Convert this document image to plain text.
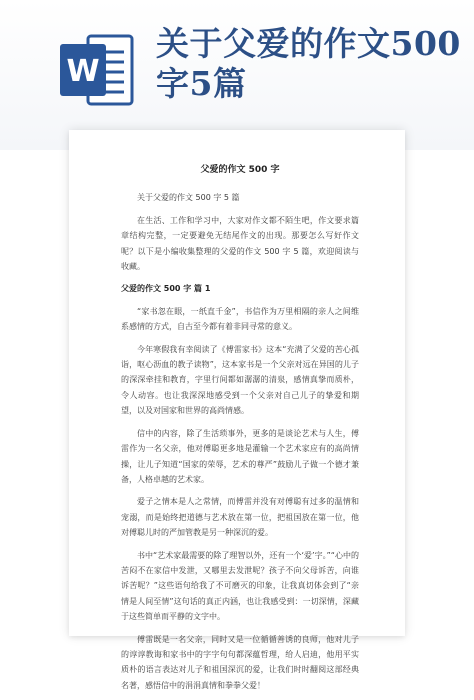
W
关于父爱的作文500字5篇
父爱的作文 500 字

关于父爱的作文 500 字 5 篇

在生活、工作和学习中，大家对作文都不陌生吧，作文要求篇章结构完整，一定要避免无结尾作文的出现。那要怎么写好作文呢？以下是小编收集整理的父爱的作文 500 字 5 篇，欢迎阅读与收藏。

父爱的作文 500 字 篇 1

“家书忽在眼，一纸直千金”，书信作为万里相隔的亲人之间维系感情的方式，自古至今都有着非同寻常的意义。

今年寒假我有幸阅读了《傅雷家书》这本“充满了父爱的苦心孤诣，呕心沥血的教子读物”，这本家书是一个父亲对远在异国的儿子的深深牵挂和教育，字里行间都如潺潺的清泉，感情真挚而质朴，令人动容。也让我深深地感受到一个父亲对自己儿子的挚爱和期望，以及对国家和世界的高尚情感。

信中的内容，除了生活琐事外，更多的是谈论艺术与人生，傅雷作为一名父亲，他对傅聪更多地是灌输一个艺术家应有的高尚情操，让儿子知道“国家的荣辱，艺术的尊严”鼓励儿子做一个德才兼备，人格卓越的艺术家。

爱子之情本是人之常情，而傅雷并没有对傅聪有过多的温情和宠溺，而是始终把道德与艺术放在第一位，把祖国放在第一位，他对傅聪儿时的严加管教是另一种深沉的爱。

书中“艺术家最需要的除了理智以外，还有一个‘爱’字。”“心中的苦闷不在家信中发泄，又哪里去发泄呢？孩子不向父母诉苦，向谁诉苦呢？”这些语句给我了不可磨灭的印象，让我真切体会到了“亲情是人间至情”这句话的真正内涵，也让我感受到：一切深情，深藏于这些简单而平静的文字中。

傅雷既是一名父亲，同时又是一位循循善诱的良师，他对儿子的谆谆教诲和家书中的字字句句都深蕴哲理，给人启迪，他用平实质朴的语言表达对儿子和祖国深沉的爱，让我们时时翻阅这部经典名著，感悟信中的涓涓真情和拳拳父爱！
